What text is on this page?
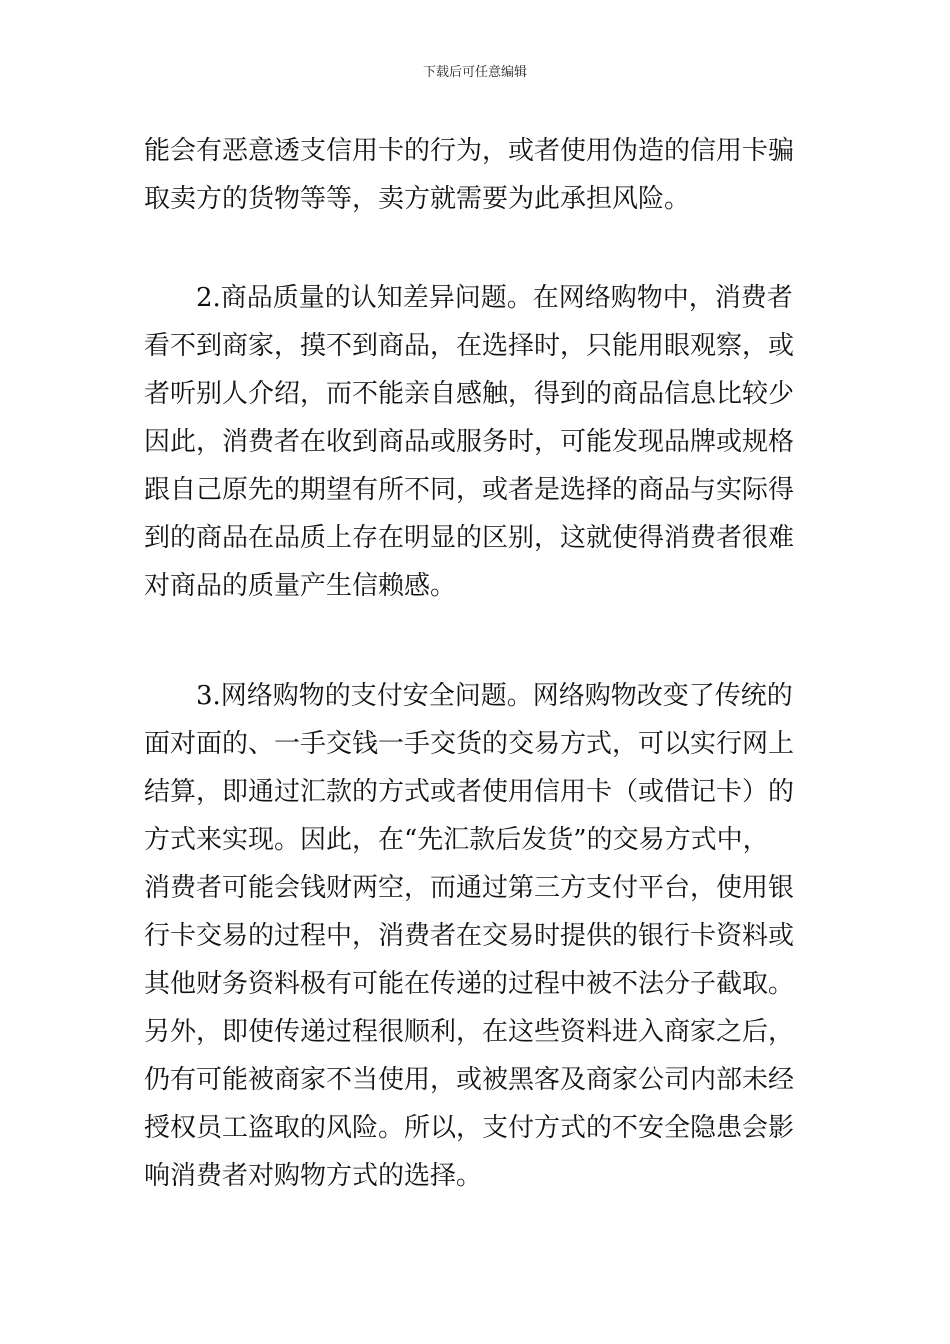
下载后可任意编辑
能会有恶意透支信用卡的行为，或者使用伪造的信用卡骗
取卖方的货物等等，卖方就需要为此承担风险。
2.商品质量的认知差异问题。在网络购物中，消费者
看不到商家，摸不到商品，在选择时，只能用眼观察，或
者听别人介绍，而不能亲自感触，得到的商品信息比较少
因此，消费者在收到商品或服务时，可能发现品牌或规格
跟自己原先的期望有所不同，或者是选择的商品与实际得
到的商品在品质上存在明显的区别，这就使得消费者很难
对商品的质量产生信赖感。
3.网络购物的支付安全问题。网络购物改变了传统的
面对面的、一手交钱一手交货的交易方式，可以实行网上
结算，即通过汇款的方式或者使用信用卡（或借记卡）的
方式来实现。因此，在“先汇款后发货”的交易方式中，
消费者可能会钱财两空，而通过第三方支付平台，使用银
行卡交易的过程中，消费者在交易时提供的银行卡资料或
其他财务资料极有可能在传递的过程中被不法分子截取。
另外，即使传递过程很顺利，在这些资料进入商家之后，
仍有可能被商家不当使用，或被黑客及商家公司内部未经
授权员工盗取的风险。所以，支付方式的不安全隐患会影
响消费者对购物方式的选择。
